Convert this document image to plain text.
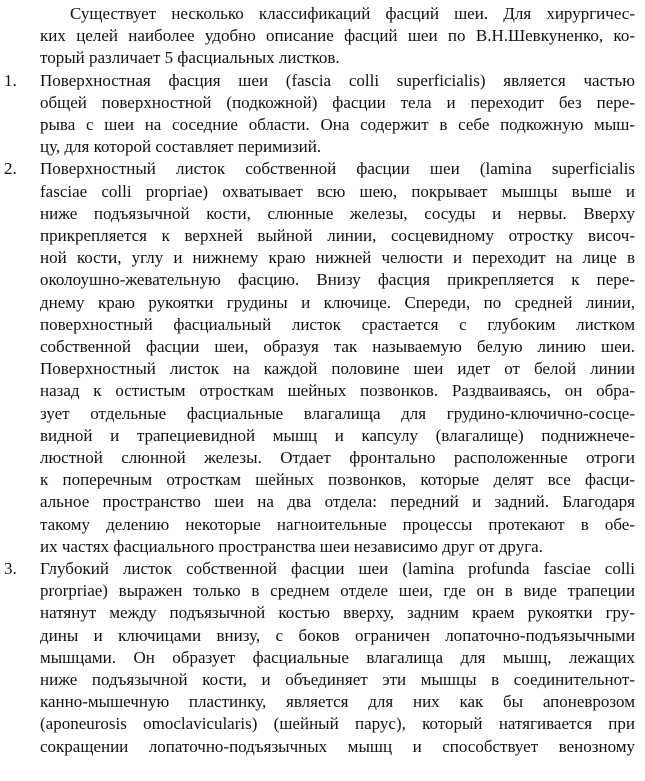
Существует несколько классификаций фасций шеи. Для хирургичес-
ких целей наиболее удобно описание фасций шеи по В.Н.Шевкуненко, ко-
торый различает 5 фасциальных листков.
1. Поверхностная фасция шеи (fascia colli superficialis) является частью
общей поверхностной (подкожной) фасции тела и переходит без пере-
рыва с шеи на соседние области. Она содержит в себе подкожную мыш-
цу, для которой составляет перимизий.
2. Поверхностный листок собственной фасции шеи (lamina superficialis
fasciae colli propriae) охватывает всю шею, покрывает мышцы выше и
ниже подъязычной кости, слюнные железы, сосуды и нервы. Вверху
прикрепляется к верхней выйной линии, сосцевидному отростку височ-
ной кости, углу и нижнему краю нижней челюсти и переходит на лице в
околоушно-жевательную фасцию. Внизу фасция прикрепляется к пере-
днему краю рукоятки грудины и ключице. Спереди, по средней линии,
поверхностный фасциальный листок срастается с глубоким листком
собственной фасции шеи, образуя так называемую белую линию шеи.
Поверхностный листок на каждой половине шеи идет от белой линии
назад к остистым отросткам шейных позвонков. Раздваиваясь, он обра-
зует отдельные фасциальные влагалища для грудино-ключично-сосце-
видной и трапециевидной мышц и капсулу (влагалище) поднижнече-
люстной слюнной железы. Отдает фронтально расположенные отроги
к поперечным отросткам шейных позвонков, которые делят все фасци-
альное пространство шеи на два отдела: передний и задний. Благодаря
такому делению некоторые нагноительные процессы протекают в обе-
их частях фасциального пространства шеи независимо друг от друга.
3. Глубокий листок собственной фасции шеи (lamina profunda fasciae colli
prorpriae) выражен только в среднем отделе шеи, где он в виде трапеции
натянут между подъязычной костью вверху, задним краем рукоятки гру-
дины и ключицами внизу, с боков ограничен лопаточно-подъязычными
мышцами. Он образует фасциальные влагалища для мышц, лежащих
ниже подъязычной кости, и объединяет эти мышцы в соединительнот-
канно-мышечную пластинку, является для них как бы апоневрозом
(aponeurosis omoclavicularis) (шейный парус), который натягивается при
сокращении лопаточно-подъязычных мышц и способствует венозному
